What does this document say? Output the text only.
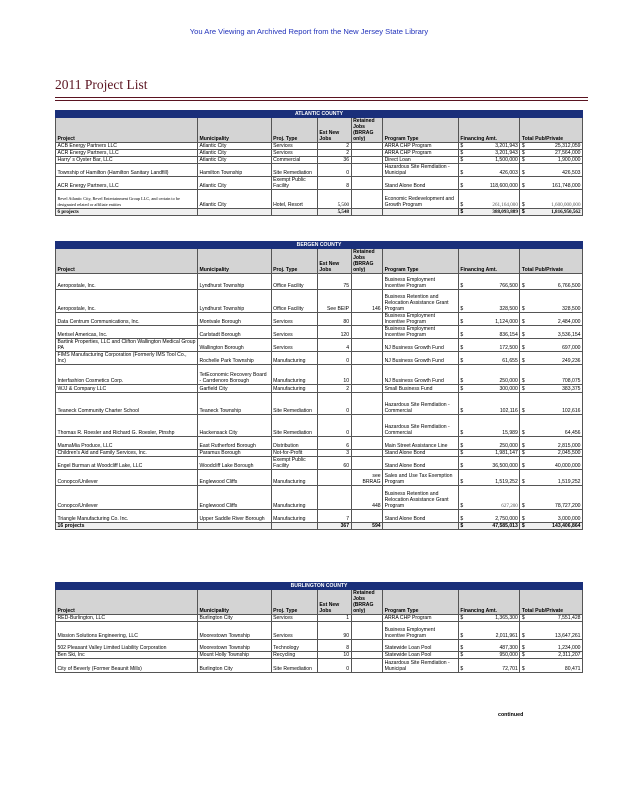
You Are Viewing an Archived Report from the New Jersey State Library
2011 Project List
ATLANTIC COUNTY									
Project	Municipality	Proj. Type	Est New Jobs	Retained Jobs (BRRAG only)	Program Type	Financing Amt.		Total Pub/Private	
ACB Energy Partners LLC	Atlantic City	Services	2		ARRA CHP Program	$	3,201,943	$	25,312,059
ACR Energy Partners, LLC	Atlantic City	Services	2		ARRA CHP Program	$	3,201,943	$	27,564,000
Harry' s Oyster Bar, LLC	Atlantic City	Commercial	36		Direct Loan	$	1,500,000	$	1,900,000
Township of Hamilton (Hamilton Sanitary Landfill)	Hamilton Township	Site Remediation	0		Hazardous Site Remdiation - Municipal	$	426,003	$	426,503
ACR Energy Partners, LLC	Atlantic City	Exempt Public Facility	8		Stand Alone Bond	$	118,600,000	$	161,748,000
Revel Atlantic City, Revel Entertainment Group LLC, and certain to be designated related or affiliate entities	Atlantic City	Hotel, Resort	5,500		Economic Redevelopment and Growth Program	$	261,164,000	$	1,600,000,000
6 projects			5,548			$	388,093,889	$	1,816,950,562
BERGEN COUNTY									
Project	Municipality	Proj. Type	Est New Jobs	Retained Jobs (BRRAG only)	Program Type	Financing Amt.		Total Pub/Private	
Aeropostale, Inc.	Lyndhurst Township	Office Facility	75		Business Employment Incentive Program	$	766,500	$	6,766,500
Aeropostale, Inc.	Lyndhurst Township	Office Facility	See BEIP	146	Business Retention and Relocation Assistance Grant Program	$	328,500	$	328,500
Data Centrum Communications, Inc.	Montvale Borough	Services	80		Business Employment Incentive Program	$	1,124,000	$	2,484,000
Merisel Americas, Inc.	Carlstadt Borough	Services	120		Business Employment Incentive Program	$	836,154	$	3,536,154
Bartink Properties, LLC and Clifton Wallington Medical Group PA	Wallington Borough	Services	4		NJ Business Growth Fund	$	172,500	$	697,000
FIMS Manufacturing Corporation (Formerly IMS Tool Co., Inc)	Rochelle Park Township	Manufacturing	0		NJ Business Growth Fund	$	61,655	$	249,236
Interfashion Cosmetics Corp.	TetEconomic Recovery Board - Carrdenoro Borough	Manufacturing	10		NJ Business Growth Fund	$	250,000	$	708,075
WJJ & Company LLC	Garfield City	Manufacturing	2		Small Business Fund	$	300,000	$	383,375
Teaneck Community Charter School	Teaneck Township	Site Remediation	0		Hazardous Site Remdiation - Commercial	$	102,116	$	102,616
Thomas R. Roesler and Richard G. Roesler, Ptnshp	Hackensack City	Site Remediation	0		Hazardous Site Remdiation - Commercial	$	15,989	$	64,456
MamaMia Produce, LLC	East Rutherford Borough	Distribution	6		Main Street Assistance Line	$	250,000	$	2,815,000
Children's Aid and Family Services, Inc.	Paramus Borough	Not-for-Profit	3		Stand Alone Bond	$	1,981,147	$	2,045,500
Engel Burman at Woodcliff Lake, LLC	Woodcliff Lake Borough	Exempt Public Facility	60		Stand Alone Bond	$	36,500,000	$	40,000,000
Conopco/Unilever	Englewood Cliffs	Manufacturing		see BRRAG	Sales and Use Tax Exemption Program	$	1,519,252	$	1,519,252
Conopco/Unilever	Englewood Cliffs	Manufacturing		448	Business Retention and Relocation Assistance Grant Program	$	627,200	$	78,727,200
Triangle Manufacturing Co. Inc.	Upper Saddle River Borough	Manufacturing	7		Stand Alone Bond	$	2,750,000	$	3,000,000
16 projects			367	594		$	47,585,013	$	143,406,864
BURLINGTON COUNTY									
Project	Municipality	Proj. Type	Est New Jobs	Retained Jobs (BRRAG only)	Program Type	Financing Amt.		Total Pub/Private	
RED-Burlington, LLC	Burlington City	Services	1		ARRA CHP Program	$	1,365,300	$	7,551,428
Mission Solutions Engineering, LLC	Moorestown Township	Services	90		Business Employment Incentive Program	$	2,011,961	$	13,647,261
502 Pleasant Valley Limited Liability Corporation	Moorestown Township	Technology	8		Statewide Loan Pool	$	487,300	$	1,234,000
Ben Ski, Inc	Mount Holly Township	Recycling	10		Statewide Loan Pool	$	950,000	$	2,311,207
City of Beverly (Former Beaunit Mills)	Burlington City	Site Remediation	0		Hazardous Site Remdiation - Municipal	$	72,701	$	80,471
continued
